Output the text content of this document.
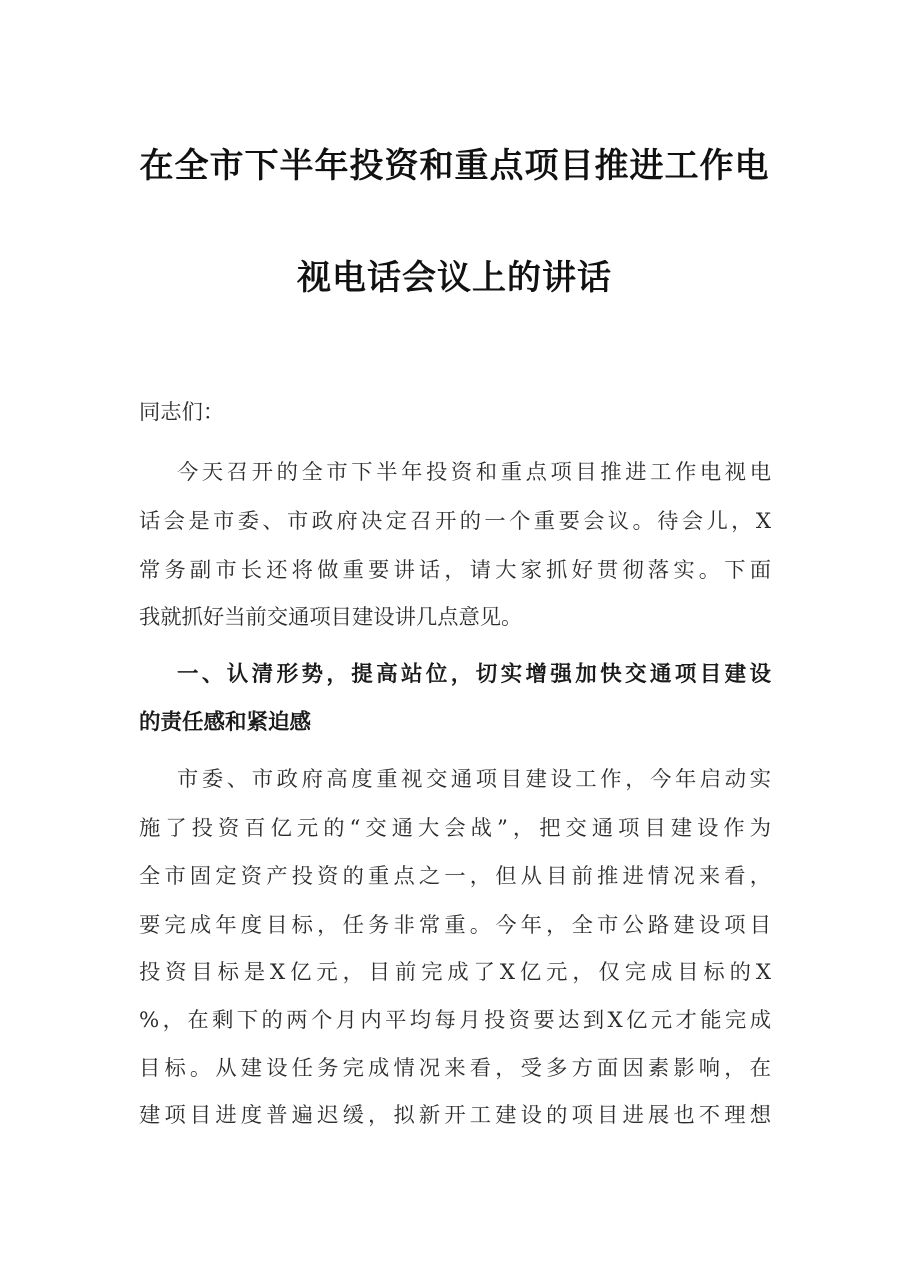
在全市下半年投资和重点项目推进工作电
视电话会议上的讲话

同志们：

今天召开的全市下半年投资和重点项目推进工作电视电

话会是市委、市政府决定召开的一个重要会议。待会儿，X

常务副市长还将做重要讲话，请大家抓好贯彻落实。下面

我就抓好当前交通项目建设讲几点意见。

一、认清形势，提高站位，切实增强加快交通项目建设

的责任感和紧迫感

市委、市政府高度重视交通项目建设工作，今年启动实

施了投资百亿元的“交通大会战”，把交通项目建设作为

全市固定资产投资的重点之一，但从目前推进情况来看，

要完成年度目标，任务非常重。今年，全市公路建设项目

投资目标是X亿元，目前完成了X亿元，仅完成目标的X

%，在剩下的两个月内平均每月投资要达到X亿元才能完成

目标。从建设任务完成情况来看，受多方面因素影响，在

建项目进度普遍迟缓，拟新开工建设的项目进展也不理想
